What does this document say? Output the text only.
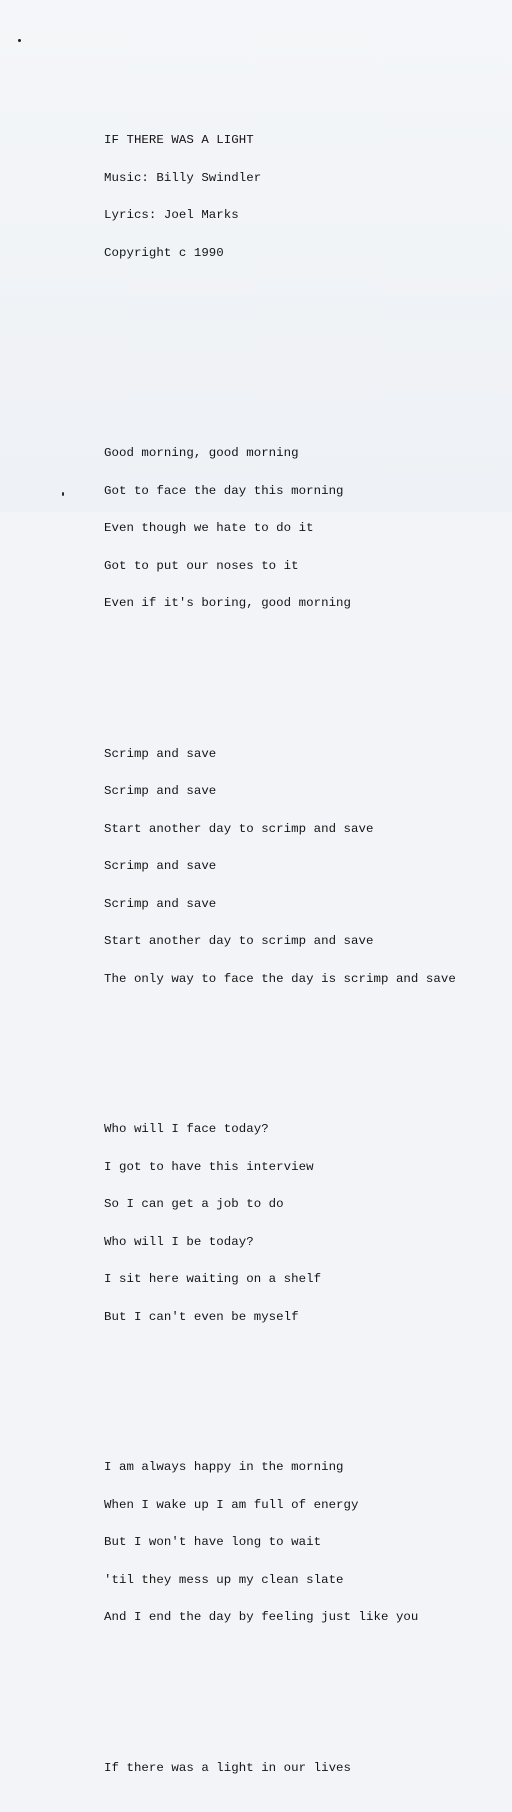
IF THERE WAS A LIGHT

Music: Billy Swindler

Lyrics: Joel Marks

Copyright c 1990

Good morning, good morning

Got to face the day this morning

Even though we hate to do it

Got to put our noses to it

Even if it's boring, good morning

Scrimp and save

Scrimp and save

Start another day to scrimp and save

Scrimp and save

Scrimp and save

Start another day to scrimp and save

The only way to face the day is scrimp and save

Who will I face today?

I got to have this interview

So I can get a job to do

Who will I be today?

I sit here waiting on a shelf

But I can't even be myself

I am always happy in the morning

When I wake up I am full of energy

But I won't have long to wait

'til they mess up my clean slate

And I end the day by feeling just like you

If there was a light in our lives
